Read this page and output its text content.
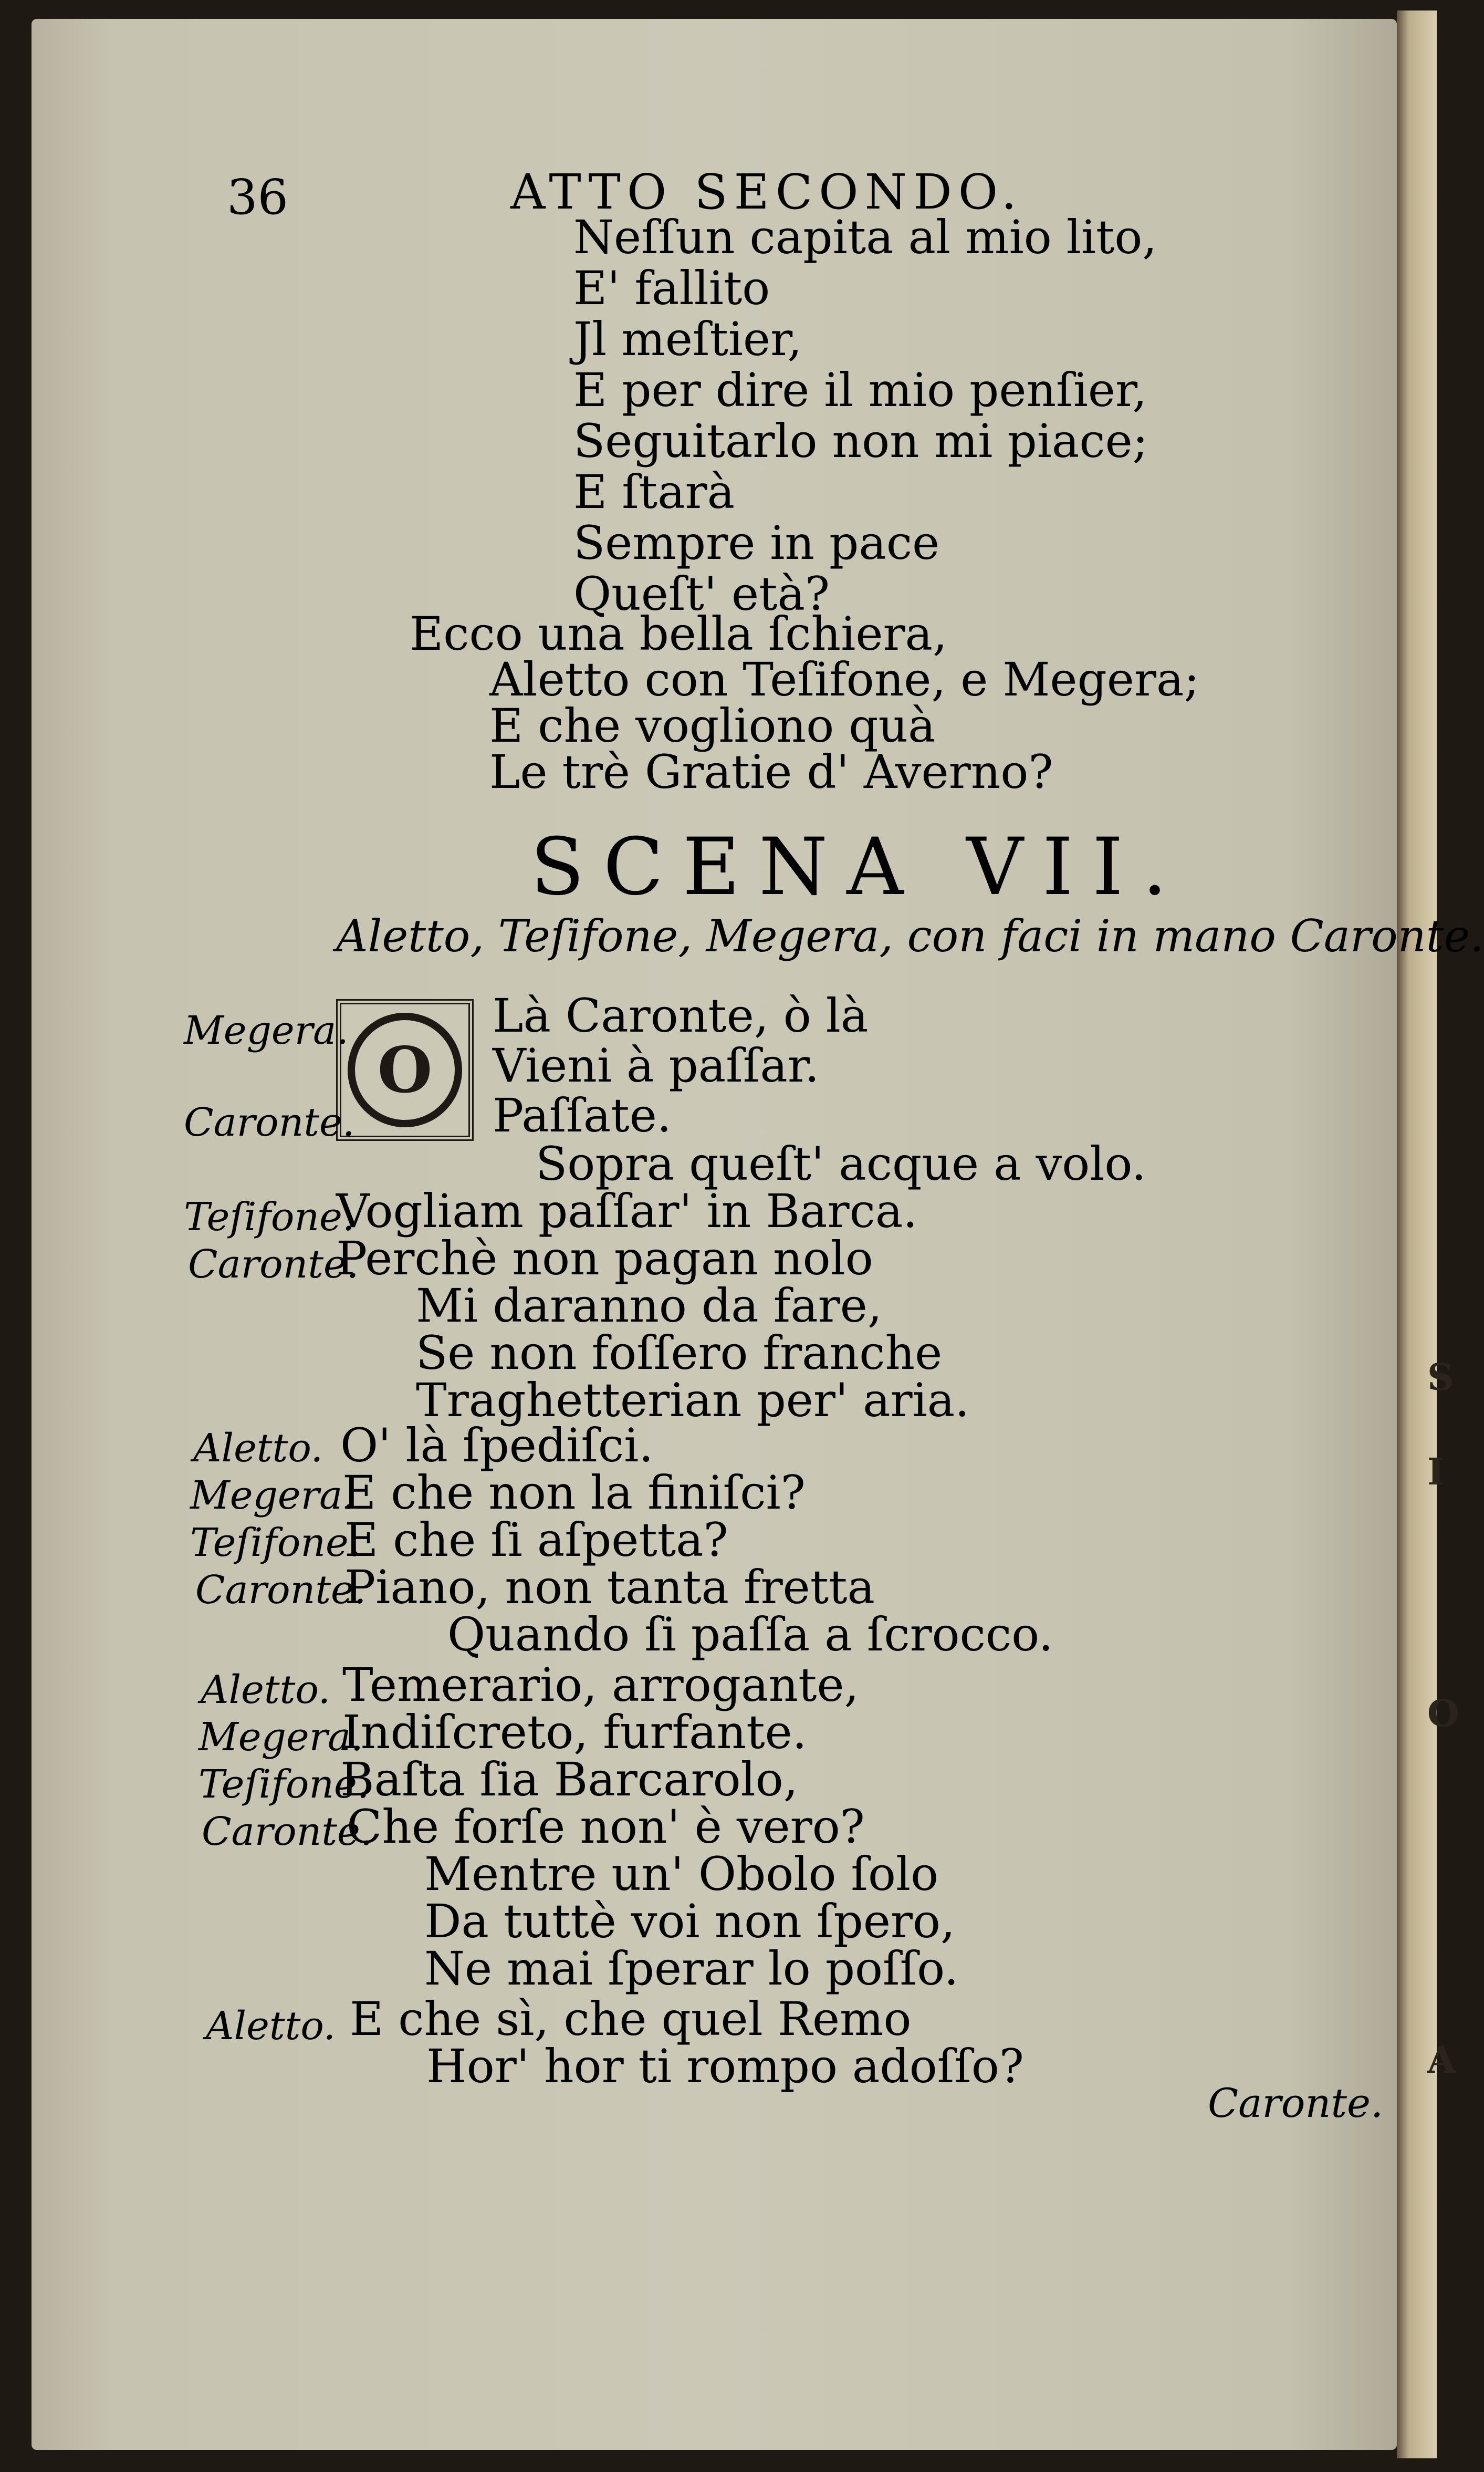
S
I
O
A
36	ATTO SECONDO.
Neſſun capita al mio lito,
E' fallito
Jl meſtier,
E per dire il mio penſier,
Seguitarlo non mi piace;
E ſtarà
Sempre in pace
Queſt' età?
Ecco una bella ſchiera,
Aletto con Teſifone, e Megera;
E che vogliono quà
Le trè Gratie d' Averno?
SCENA VII.
Aletto, Teſifone, Megera, con faci in mano Caronte.
O
Megera.
Caronte.
Teſifone.
Caronte.
Aletto.
Megera.
Teſifone.
Caronte.
Aletto.
Megera.
Teſifone.
Caronte.
Aletto.
Là Caronte, ò là
Vieni à paſſar.
Paſſate.
Sopra queſt' acque a volo.
Vogliam paſſar' in Barca.
Perchè non pagan nolo
Mi daranno da fare,
Se non foſſero franche
Traghetterian per' aria.
O' là ſpediſci.
E che non la finiſci?
E che ſi aſpetta?
Piano, non tanta fretta
Quando ſi paſſa a ſcrocco.
Temerario, arrogante,
Indiſcreto, furfante.
Baſta ſia Barcarolo,
Che forſe non' è vero?
Mentre un' Obolo ſolo
Da tuttè voi non ſpero,
Ne mai ſperar lo poſſo.
E che sì, che quel Remo
Hor' hor ti rompo adoſſo?
Caronte.
